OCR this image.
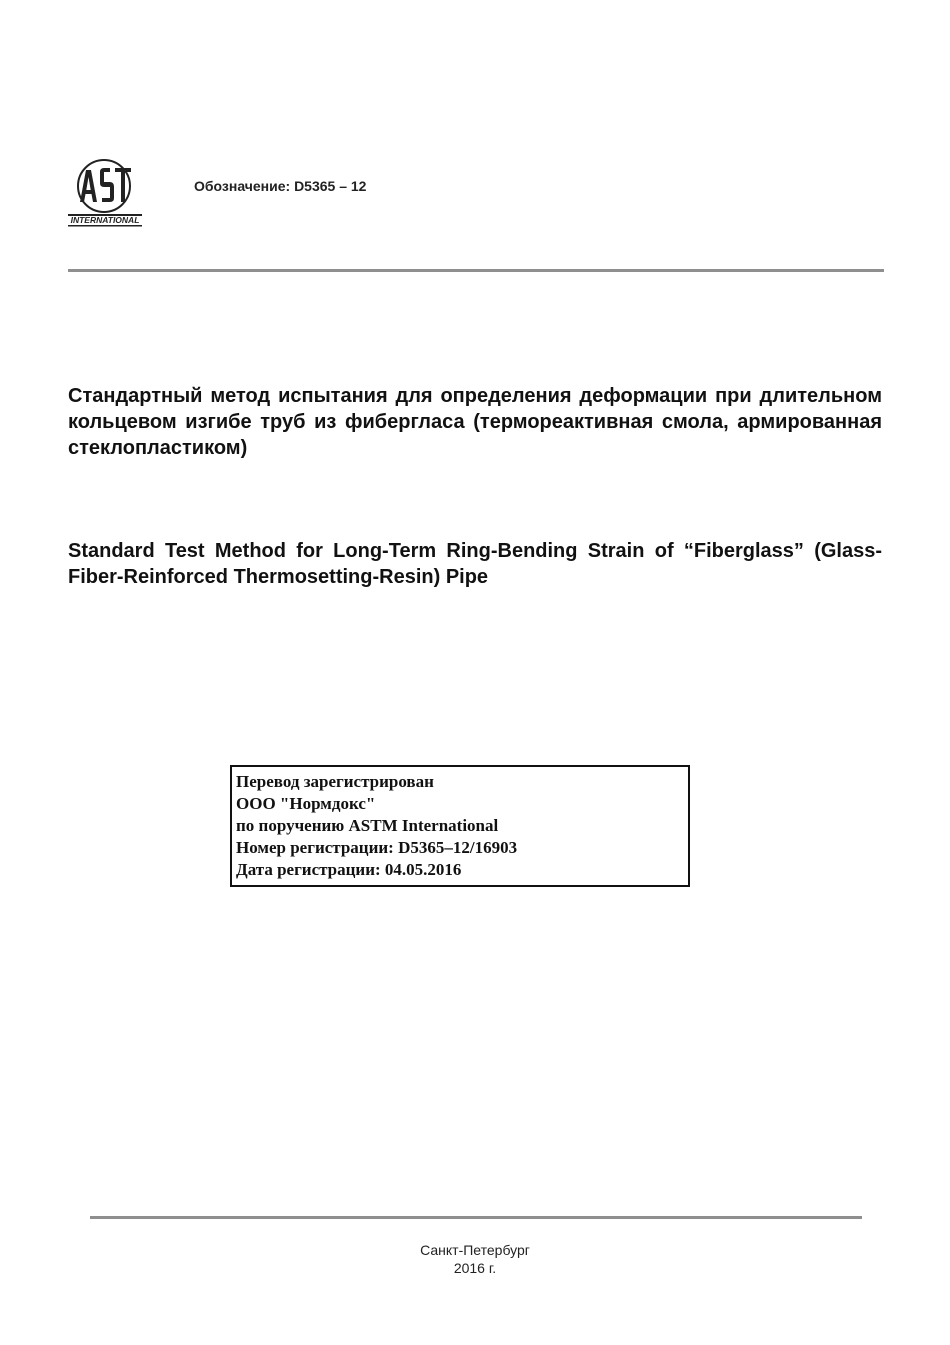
INTERNATIONAL
Обозначение: D5365 – 12
Стандартный метод испытания для определения деформации при длительном кольцевом изгибе труб из фибергласа (термореактивная смола, армированная стеклопластиком)
Standard Test Method for Long-Term Ring-Bending Strain of “Fiberglass” (Glass-Fiber-Reinforced Thermosetting-Resin) Pipe
Перевод зарегистрирован
ООО "Нормдокс"
по поручению ASTM International
Номер регистрации: D5365–12/16903
Дата регистрации: 04.05.2016
Санкт-Петербург
2016 г.
